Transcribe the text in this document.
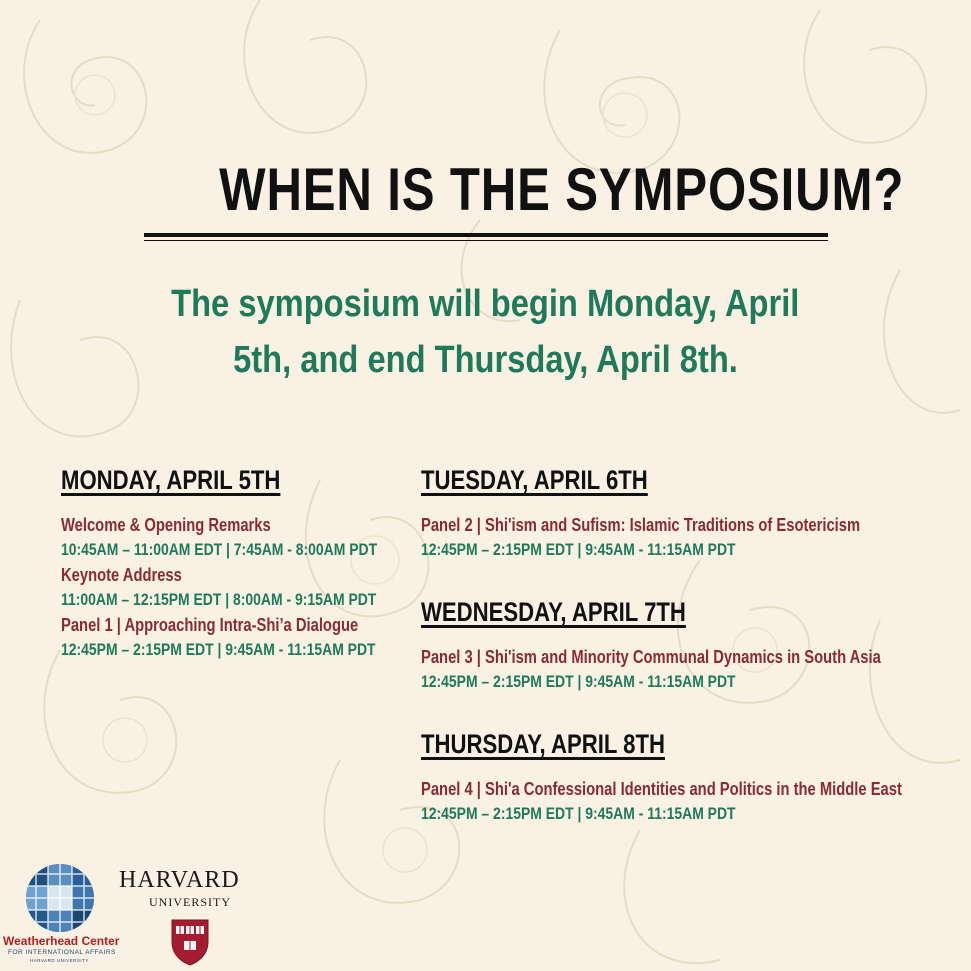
WHEN IS THE SYMPOSIUM?
The symposium will begin Monday, April
5th, and end Thursday, April 8th.
MONDAY, APRIL 5TH
Welcome & Opening Remarks
10:45AM – 11:00AM EDT | 7:45AM - 8:00AM PDT
Keynote Address
11:00AM – 12:15PM EDT | 8:00AM - 9:15AM PDT
Panel 1 | Approaching Intra-Shi’a Dialogue
12:45PM – 2:15PM EDT | 9:45AM - 11:15AM PDT
TUESDAY, APRIL 6TH
Panel 2 | Shi'ism and Sufism: Islamic Traditions of Esotericism
12:45PM – 2:15PM EDT | 9:45AM - 11:15AM PDT
WEDNESDAY, APRIL 7TH
Panel 3 | Shi'ism and Minority Communal Dynamics in South Asia
12:45PM – 2:15PM EDT | 9:45AM - 11:15AM PDT
THURSDAY, APRIL 8TH
Panel 4 | Shi'a Confessional Identities and Politics in the Middle East
12:45PM – 2:15PM EDT | 9:45AM - 11:15AM PDT
Weatherhead Center
FOR INTERNATIONAL AFFAIRS
HARVARD UNIVERSITY
HARVARD
UNIVERSITY
